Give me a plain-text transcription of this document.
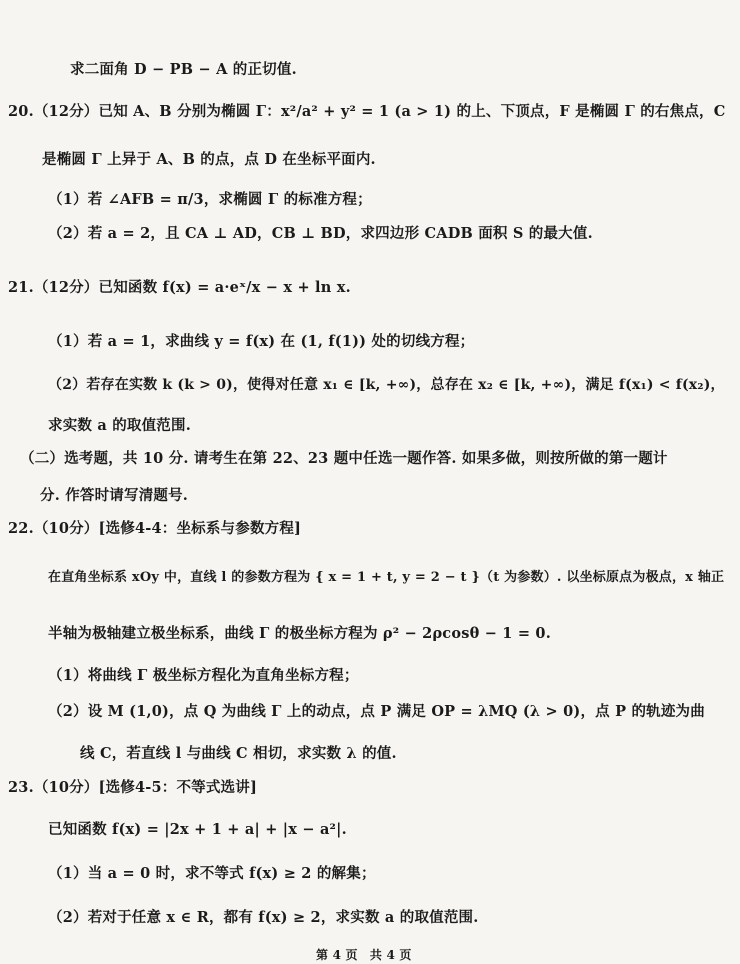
求二面角 D − PB − A 的正切值.
20.（12分）已知 A、B 分别为椭圆 Γ：x²/a² + y² = 1 (a > 1) 的上、下顶点，F 是椭圆 Γ 的右焦点，C
是椭圆 Γ 上异于 A、B 的点，点 D 在坐标平面内.
（1）若 ∠AFB = π/3，求椭圆 Γ 的标准方程；
（2）若 a = 2，且 CA ⊥ AD，CB ⊥ BD，求四边形 CADB 面积 S 的最大值.
21.（12分）已知函数 f(x) = a·eˣ/x − x + ln x.
（1）若 a = 1，求曲线 y = f(x) 在 (1, f(1)) 处的切线方程；
（2）若存在实数 k (k > 0)，使得对任意 x₁ ∈ [k, +∞)，总存在 x₂ ∈ [k, +∞)，满足 f(x₁) < f(x₂)，
求实数 a 的取值范围.
（二）选考题，共 10 分. 请考生在第 22、23 题中任选一题作答. 如果多做，则按所做的第一题计
分. 作答时请写清题号.
22.（10分）[选修4-4：坐标系与参数方程]
在直角坐标系 xOy 中，直线 l 的参数方程为 { x = 1 + t, y = 2 − t }（t 为参数）. 以坐标原点为极点，x 轴正
半轴为极轴建立极坐标系，曲线 Γ 的极坐标方程为 ρ² − 2ρcosθ − 1 = 0.
（1）将曲线 Γ 极坐标方程化为直角坐标方程；
（2）设 M (1,0)，点 Q 为曲线 Γ 上的动点，点 P 满足 OP = λMQ (λ > 0)，点 P 的轨迹为曲
线 C，若直线 l 与曲线 C 相切，求实数 λ 的值.
23.（10分）[选修4-5：不等式选讲]
已知函数 f(x) = |2x + 1 + a| + |x − a²|.
（1）当 a = 0 时，求不等式 f(x) ≥ 2 的解集；
（2）若对于任意 x ∈ R，都有 f(x) ≥ 2，求实数 a 的取值范围.
第 4 页　共 4 页
